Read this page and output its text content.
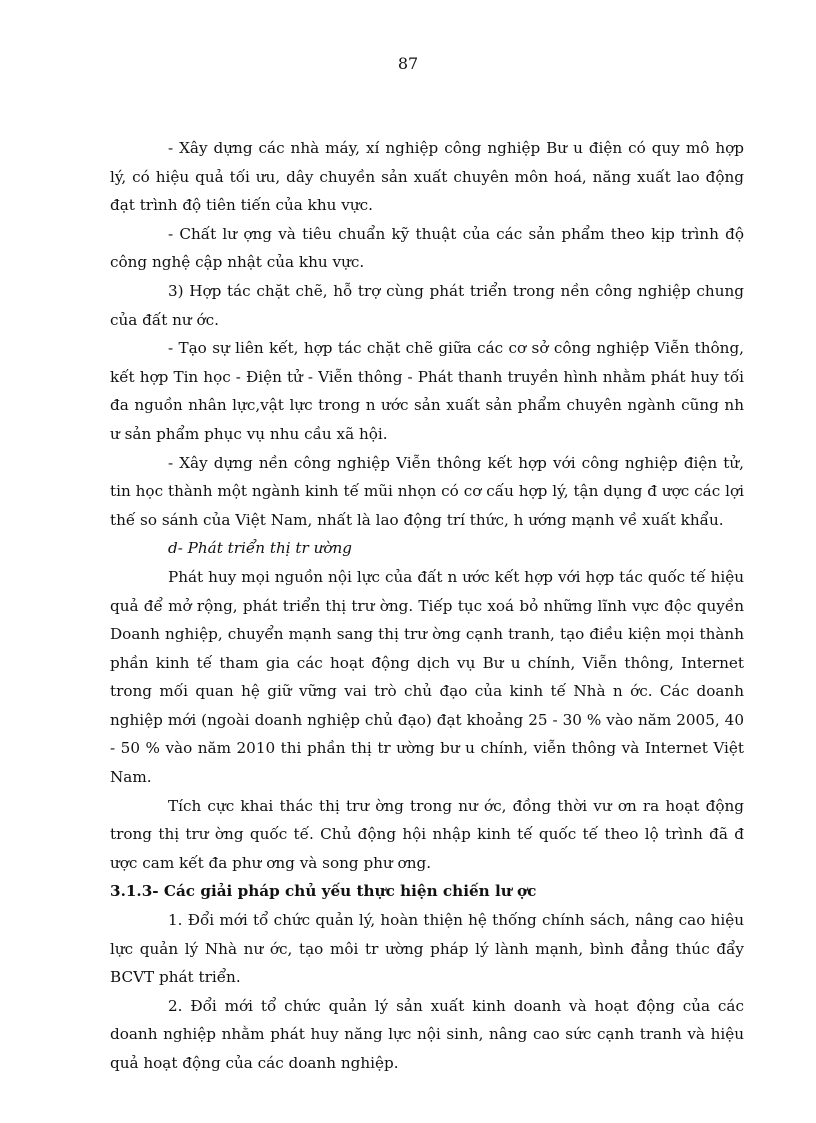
87

- Xây dựng các nhà máy, xí nghiệp công nghiệp Bư u điện có quy mô hợp lý, có hiệu quả tối ưu, dây chuyền sản xuất chuyên môn hoá, năng xuất lao động đạt trình độ tiên tiến của khu vực.

- Chất lư ợng và tiêu chuẩn kỹ thuật của các sản phẩm theo kịp trình độ công nghệ cập nhật của khu vực.

3) Hợp tác chặt chẽ, hỗ trợ cùng phát triển trong nền công nghiệp chung của đất nư ớc.

- Tạo sự liên kết, hợp tác chặt chẽ giữa các cơ sở công nghiệp Viễn thông, kết hợp Tin học - Điện tử - Viễn thông - Phát thanh truyền hình nhằm phát huy tối đa nguồn nhân lực,vật lực trong n ước sản xuất sản phẩm chuyên ngành cũng nh ư sản phẩm phục vụ nhu cầu xã hội.

- Xây dựng nền công nghiệp Viễn thông kết hợp với công nghiệp điện tử, tin học thành một ngành kinh tế mũi nhọn có cơ cấu hợp lý, tận dụng đ ược các lợi thế so sánh của Việt Nam, nhất là lao động trí thức, h ướng mạnh về xuất khẩu.

d- Phát triển thị tr ường

Phát huy mọi nguồn nội lực của đất n ước kết hợp với hợp tác quốc tế hiệu quả để mở rộng, phát triển thị trư ờng. Tiếp tục xoá bỏ những lĩnh vực độc quyền Doanh nghiệp, chuyển mạnh sang thị trư ờng cạnh tranh, tạo điều kiện mọi thành phần kinh tế tham gia các hoạt động dịch vụ Bư u chính, Viễn thông, Internet trong mối quan hệ giữ vững vai trò chủ đạo của kinh tế Nhà n ớc. Các doanh nghiệp mới (ngoài doanh nghiệp chủ đạo) đạt khoảng 25 - 30 % vào năm 2005, 40 - 50 % vào năm 2010 thi phần thị tr ường bư u chính, viễn thông và Internet Việt Nam.

Tích cực khai thác thị trư ờng trong nư ớc, đồng thời vư ơn ra hoạt động trong thị trư ờng quốc tế. Chủ động hội nhập kinh tế quốc tế theo lộ trình đã đ ược cam kết đa phư ơng và song phư ơng.

3.1.3- Các giải pháp chủ yếu thực hiện chiến lư ợc

1. Đổi mới tổ chức quản lý, hoàn thiện hệ thống chính sách, nâng cao hiệu lực quản lý Nhà nư ớc, tạo môi tr ường pháp lý lành mạnh, bình đẳng thúc đẩy BCVT phát triển.

2. Đổi mới tổ chức quản lý sản xuất kinh doanh và hoạt động của các doanh nghiệp nhằm phát huy năng lực nội sinh, nâng cao sức cạnh tranh và hiệu quả hoạt động của các doanh nghiệp.
